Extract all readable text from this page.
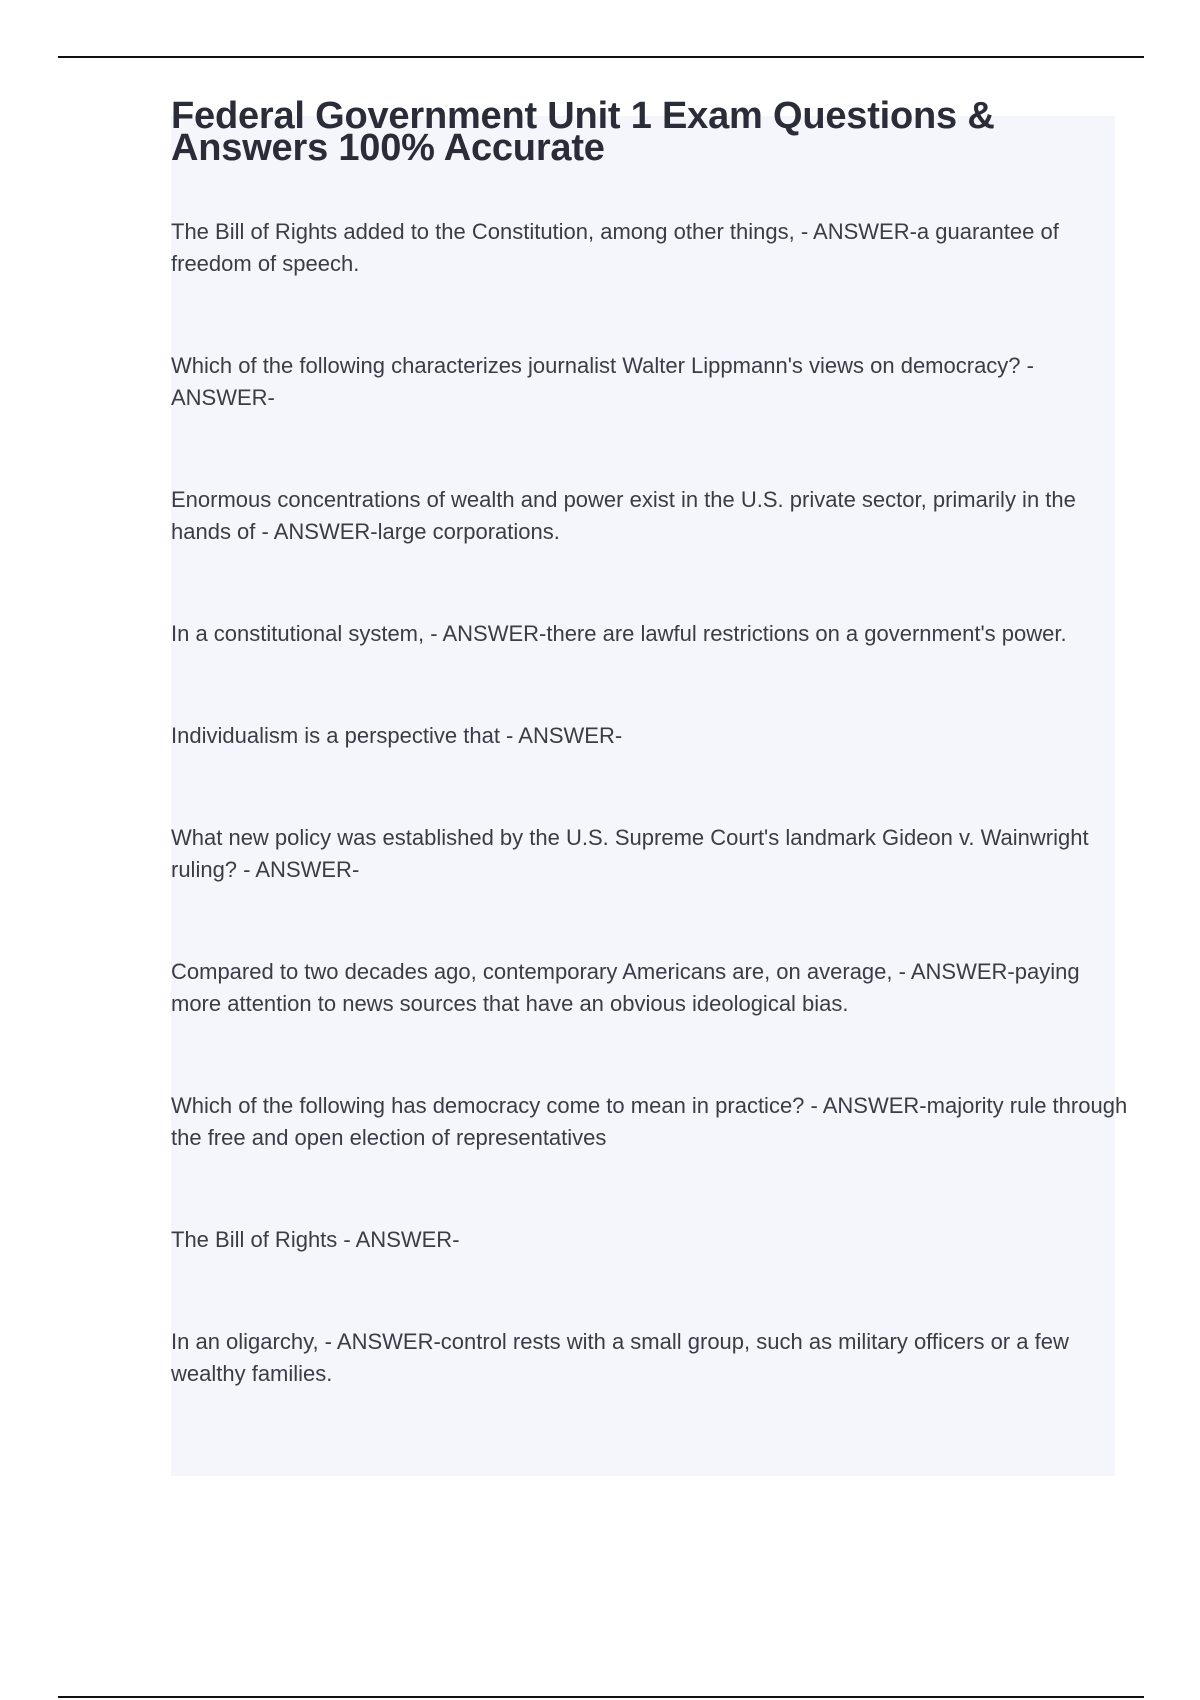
Federal Government Unit 1 Exam Questions & Answers 100% Accurate

The Bill of Rights added to the Constitution, among other things, - ANSWER-a guarantee of freedom of speech.

Which of the following characterizes journalist Walter Lippmann's views on democracy? - ANSWER-

Enormous concentrations of wealth and power exist in the U.S. private sector, primarily in the hands of - ANSWER-large corporations.

In a constitutional system, - ANSWER-there are lawful restrictions on a government's power.

Individualism is a perspective that - ANSWER-

What new policy was established by the U.S. Supreme Court's landmark Gideon v. Wainwright ruling? - ANSWER-

Compared to two decades ago, contemporary Americans are, on average, - ANSWER-paying more attention to news sources that have an obvious ideological bias.

Which of the following has democracy come to mean in practice? - ANSWER-majority rule through the free and open election of representatives

The Bill of Rights - ANSWER-

In an oligarchy, - ANSWER-control rests with a small group, such as military officers or a few wealthy families.
